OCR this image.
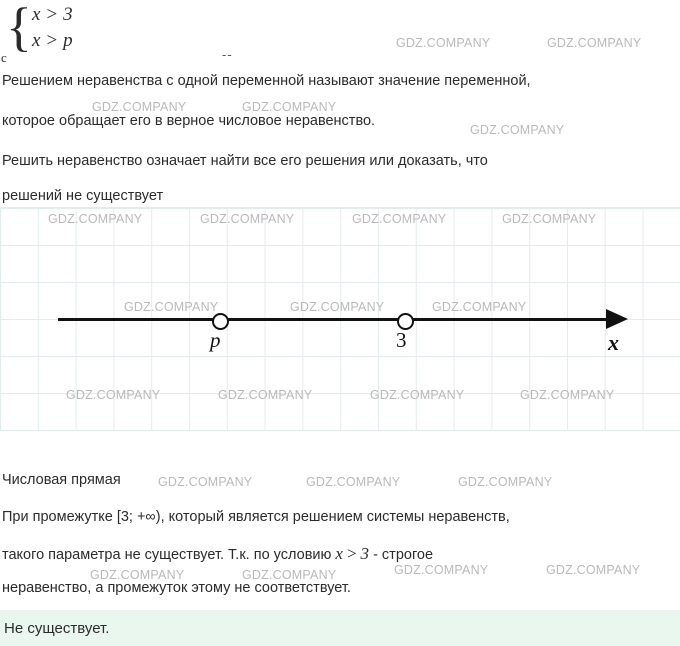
{ x > 3
x > p
c	--
Решением неравенства с одной переменной называют значение переменной,
которое обращает его в верное числовое неравенство.
Решить неравенство означает найти все его решения или доказать, что
решений не существует
p	3	x
Числовая прямая
При промежутке [3; +∞), который является решением системы неравенств,
такого параметра не существует. Т.к. по условию x > 3 - строгое
неравенство, а промежуток этому не соответствует.
Не существует.
GDZ.COMPANY	GDZ.COMPANY
GDZ.COMPANY	GDZ.COMPANY
GDZ.COMPANY
GDZ.COMPANY	GDZ.COMPANY	GDZ.COMPANY	GDZ.COMPANY
GDZ.COMPANY	GDZ.COMPANY	GDZ.COMPANY
GDZ.COMPANY	GDZ.COMPANY	GDZ.COMPANY	GDZ.COMPANY
GDZ.COMPANY	GDZ.COMPANY	GDZ.COMPANY
GDZ.COMPANY	GDZ.COMPANY	GDZ.COMPANY	GDZ.COMPANY
